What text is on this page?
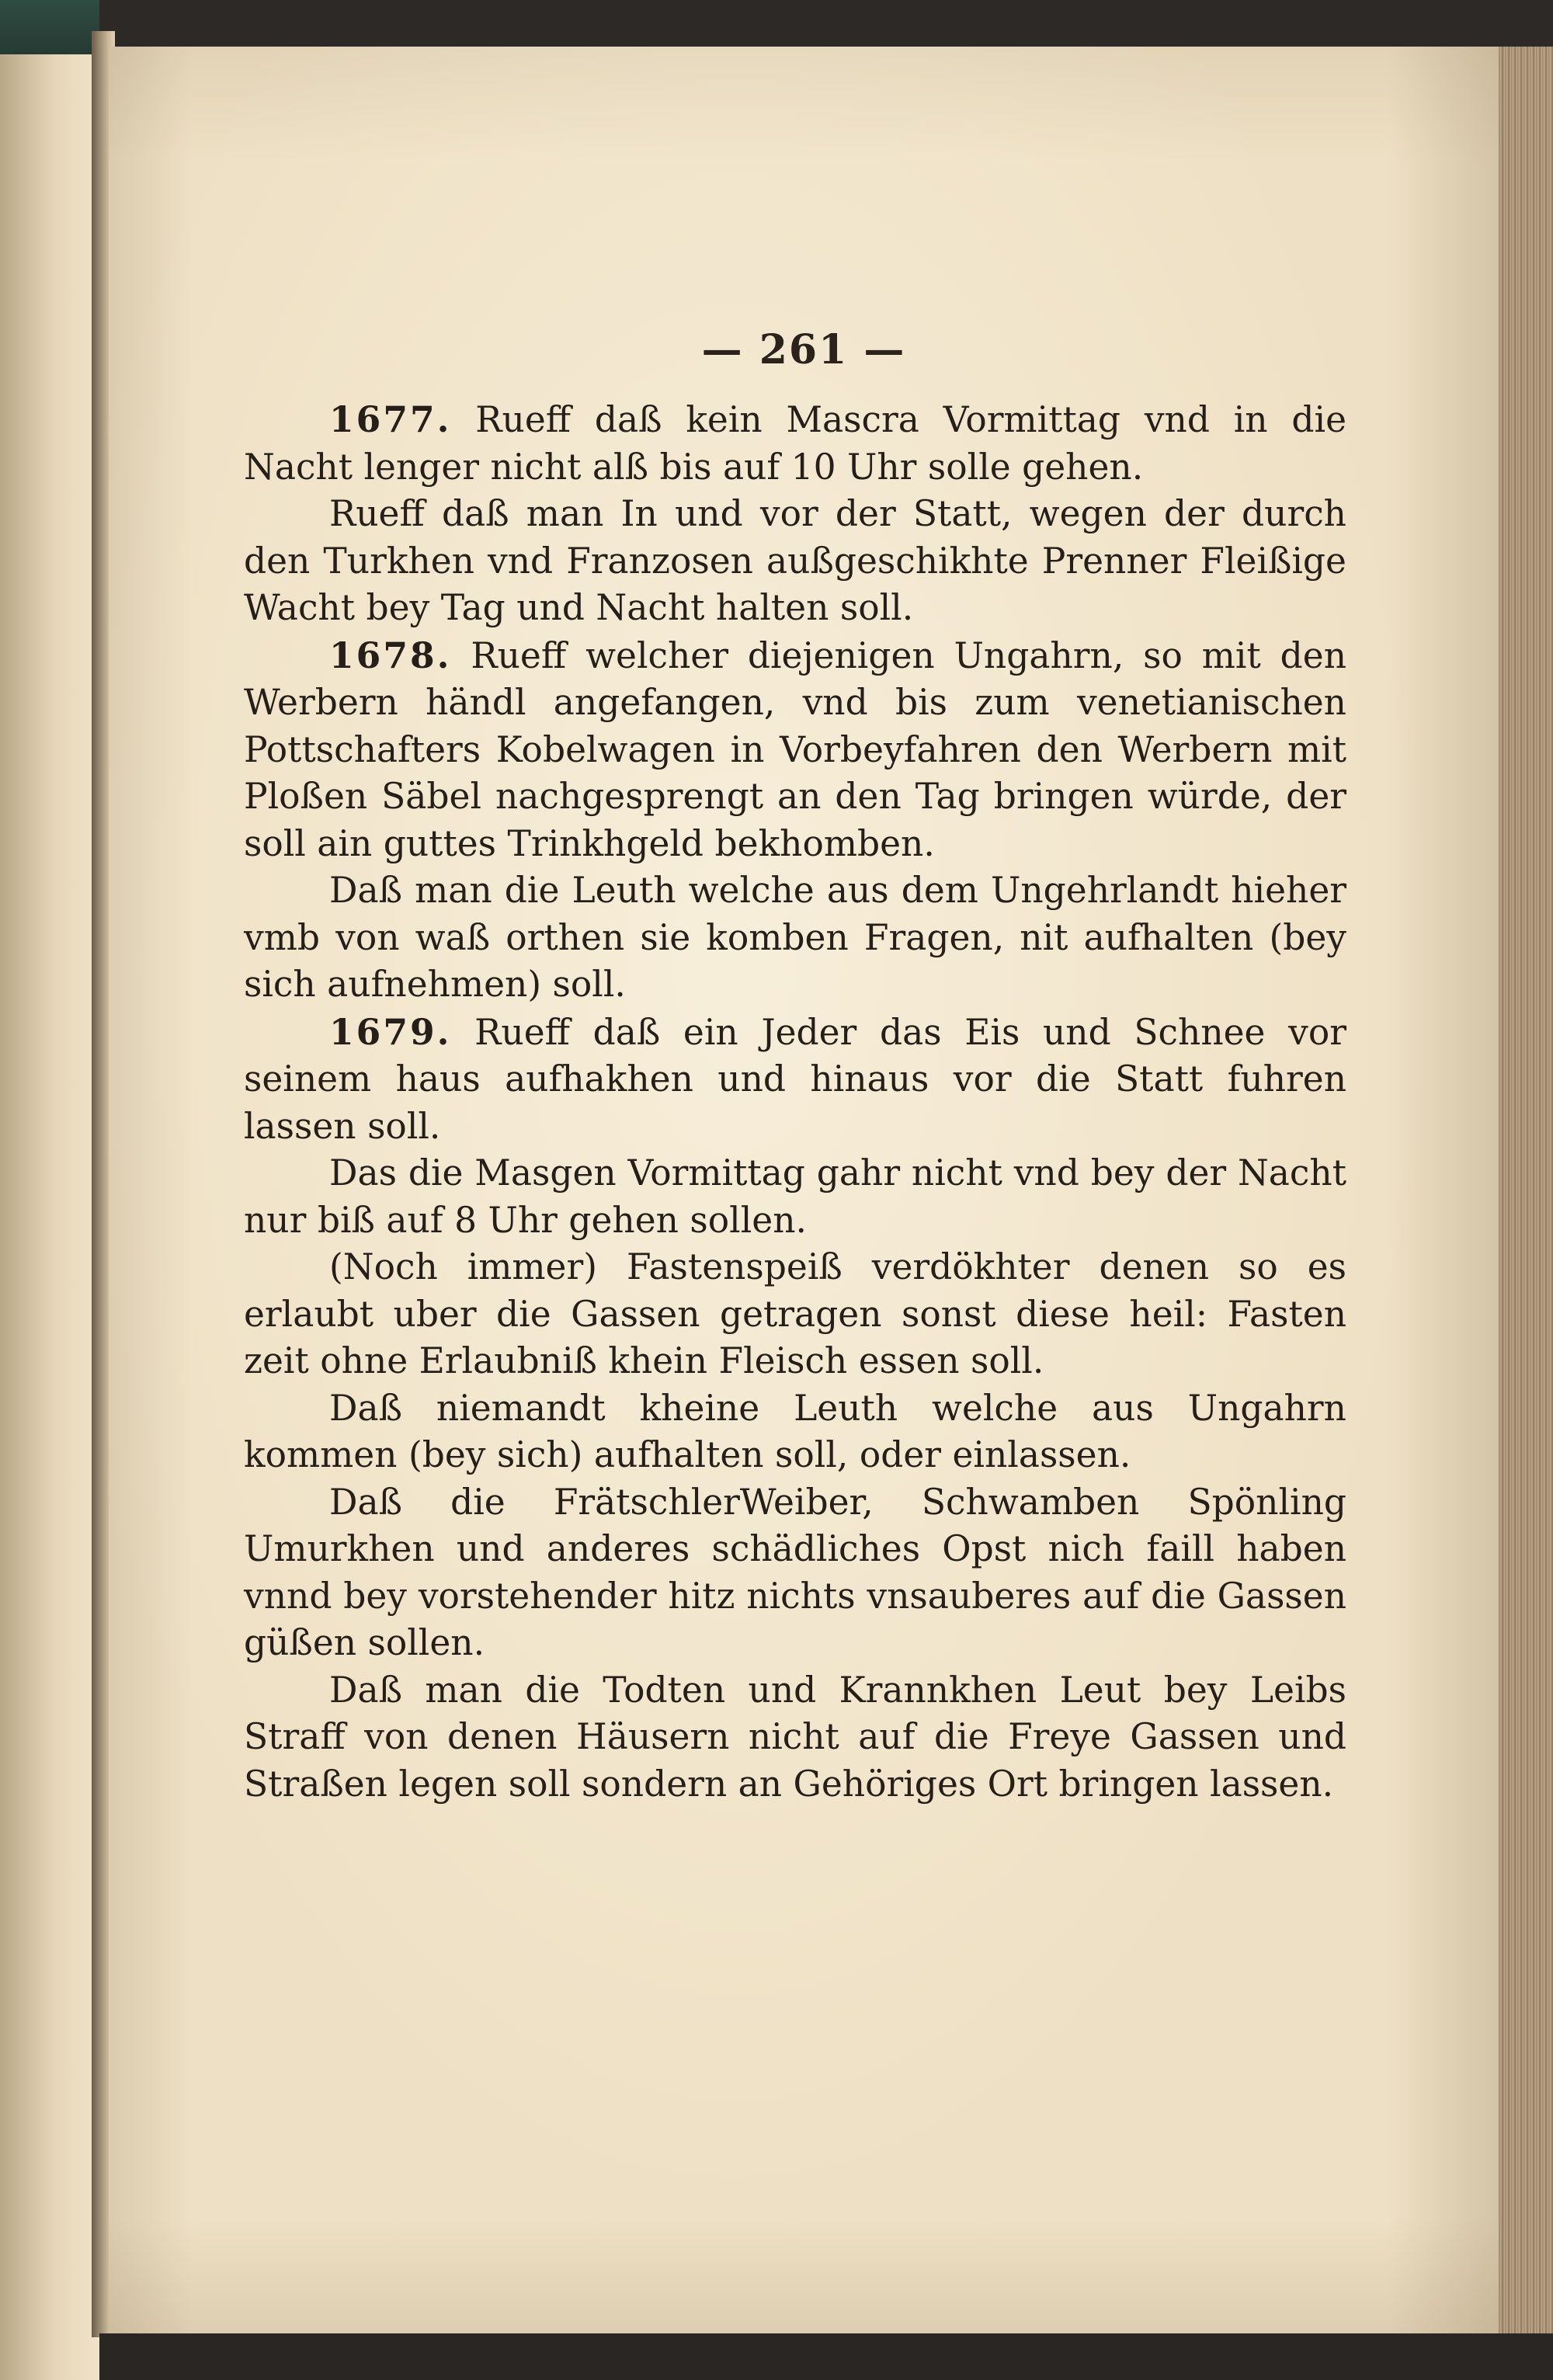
— 261 —

1677. Rueff daß kein Mascra Vormittag vnd in die Nacht lenger nicht alß bis auf 10 Uhr solle gehen.

Rueff daß man In und vor der Statt, wegen der durch den Turkhen vnd Franzosen außgeschikhte Prenner Fleißige Wacht bey Tag und Nacht halten soll.

1678. Rueff welcher diejenigen Ungahrn, so mit den Werbern händl angefangen, vnd bis zum venetianischen Pottschafters Kobelwagen in Vorbeyfahren den Werbern mit Ploßen Säbel nachgesprengt an den Tag bringen würde, der soll ain guttes Trinkhgeld bekhomben.

Daß man die Leuth welche aus dem Ungehrlandt hieher vmb von waß orthen sie komben Fragen, nit aufhalten (bey sich aufnehmen) soll.

1679. Rueff daß ein Jeder das Eis und Schnee vor seinem haus aufhakhen und hinaus vor die Statt fuhren lassen soll.

Das die Masgen Vormittag gahr nicht vnd bey der Nacht nur biß auf 8 Uhr gehen sollen.

(Noch immer) Fastenspeiß verdökhter denen so es erlaubt uber die Gassen getragen sonst diese heil: Fasten zeit ohne Erlaubniß khein Fleisch essen soll.

Daß niemandt kheine Leuth welche aus Ungahrn kommen (bey sich) aufhalten soll, oder einlassen.

Daß die FrätschlerWeiber, Schwamben Spönling Umurkhen und anderes schädliches Opst nich faill haben vnnd bey vorstehender hitz nichts vnsauberes auf die Gassen güßen sollen.

Daß man die Todten und Krannkhen Leut bey Leibs Straff von denen Häusern nicht auf die Freye Gassen und Straßen legen soll sondern an Gehöriges Ort bringen lassen.
